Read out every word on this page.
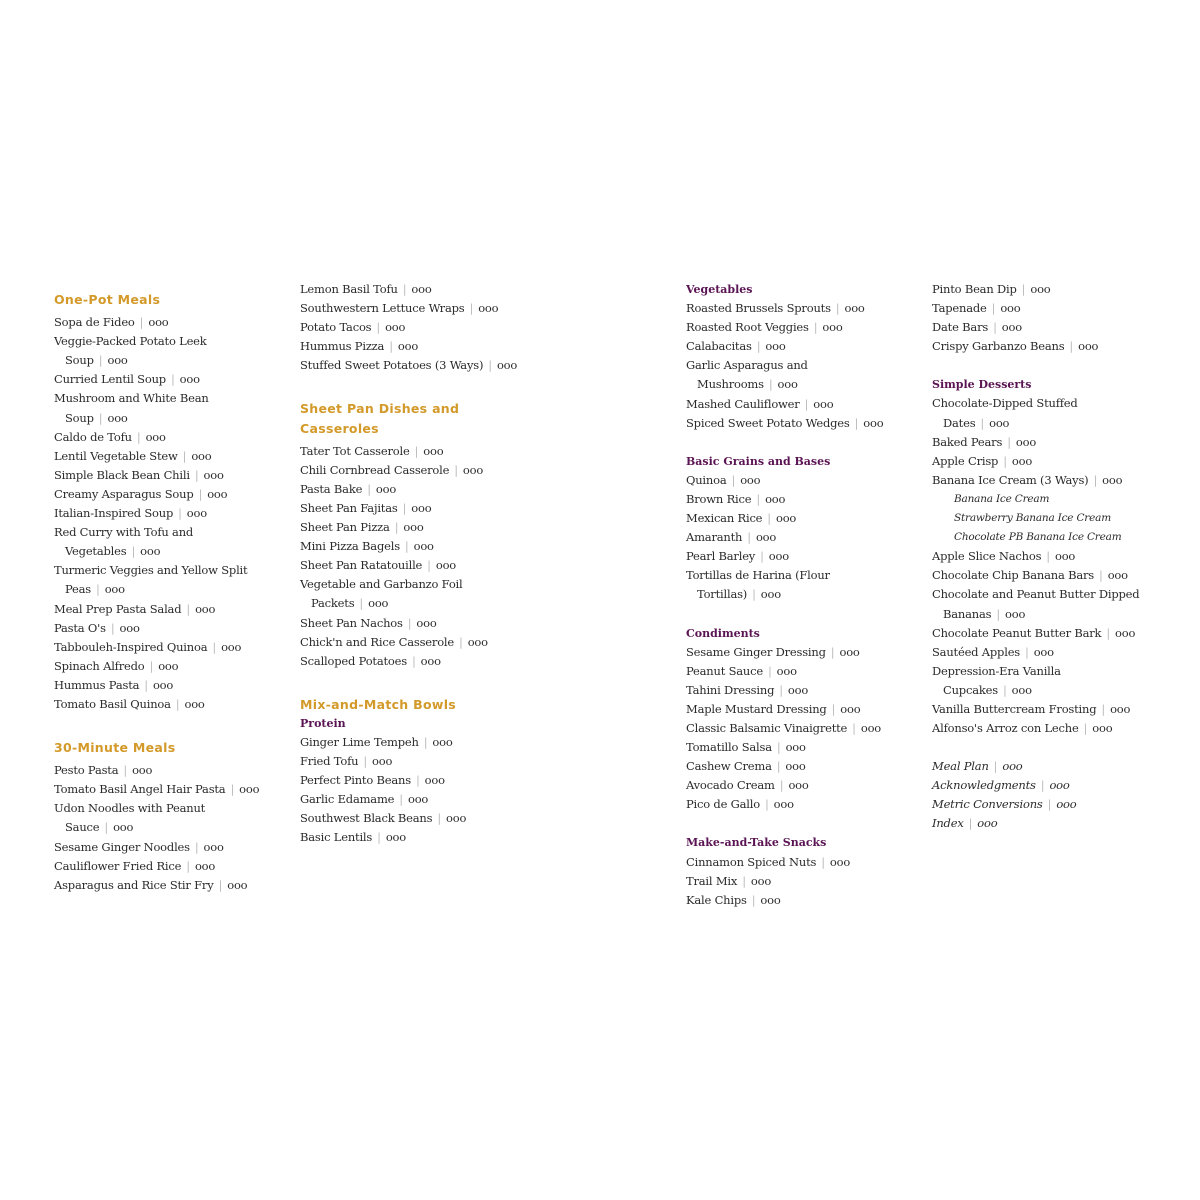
One-Pot Meals
Sopa de Fideo | ooo
Veggie-Packed Potato Leek
Soup | ooo
Curried Lentil Soup | ooo
Mushroom and White Bean
Soup | ooo
Caldo de Tofu | ooo
Lentil Vegetable Stew | ooo
Simple Black Bean Chili | ooo
Creamy Asparagus Soup | ooo
Italian-Inspired Soup | ooo
Red Curry with Tofu and
Vegetables | ooo
Turmeric Veggies and Yellow Split
Peas | ooo
Meal Prep Pasta Salad | ooo
Pasta O's | ooo
Tabbouleh-Inspired Quinoa | ooo
Spinach Alfredo | ooo
Hummus Pasta | ooo
Tomato Basil Quinoa | ooo
30-Minute Meals
Pesto Pasta | ooo
Tomato Basil Angel Hair Pasta | ooo
Udon Noodles with Peanut
Sauce | ooo
Sesame Ginger Noodles | ooo
Cauliflower Fried Rice | ooo
Asparagus and Rice Stir Fry | ooo
Lemon Basil Tofu | ooo
Southwestern Lettuce Wraps | ooo
Potato Tacos | ooo
Hummus Pizza | ooo
Stuffed Sweet Potatoes (3 Ways) | ooo
Sheet Pan Dishes and
Casseroles
Tater Tot Casserole | ooo
Chili Cornbread Casserole | ooo
Pasta Bake | ooo
Sheet Pan Fajitas | ooo
Sheet Pan Pizza | ooo
Mini Pizza Bagels | ooo
Sheet Pan Ratatouille | ooo
Vegetable and Garbanzo Foil
Packets | ooo
Sheet Pan Nachos | ooo
Chick'n and Rice Casserole | ooo
Scalloped Potatoes | ooo
Mix-and-Match Bowls
Protein
Ginger Lime Tempeh | ooo
Fried Tofu | ooo
Perfect Pinto Beans | ooo
Garlic Edamame | ooo
Southwest Black Beans | ooo
Basic Lentils | ooo
Vegetables
Roasted Brussels Sprouts | ooo
Roasted Root Veggies | ooo
Calabacitas | ooo
Garlic Asparagus and
Mushrooms | ooo
Mashed Cauliflower | ooo
Spiced Sweet Potato Wedges | ooo
Basic Grains and Bases
Quinoa | ooo
Brown Rice | ooo
Mexican Rice | ooo
Amaranth | ooo
Pearl Barley | ooo
Tortillas de Harina (Flour
Tortillas) | ooo
Condiments
Sesame Ginger Dressing | ooo
Peanut Sauce | ooo
Tahini Dressing | ooo
Maple Mustard Dressing | ooo
Classic Balsamic Vinaigrette | ooo
Tomatillo Salsa | ooo
Cashew Crema | ooo
Avocado Cream | ooo
Pico de Gallo | ooo
Make-and-Take Snacks
Cinnamon Spiced Nuts | ooo
Trail Mix | ooo
Kale Chips | ooo
Pinto Bean Dip | ooo
Tapenade | ooo
Date Bars | ooo
Crispy Garbanzo Beans | ooo
Simple Desserts
Chocolate-Dipped Stuffed
Dates | ooo
Baked Pears | ooo
Apple Crisp | ooo
Banana Ice Cream (3 Ways) | ooo
Banana Ice Cream
Strawberry Banana Ice Cream
Chocolate PB Banana Ice Cream
Apple Slice Nachos | ooo
Chocolate Chip Banana Bars | ooo
Chocolate and Peanut Butter Dipped
Bananas | ooo
Chocolate Peanut Butter Bark | ooo
Sautéed Apples | ooo
Depression-Era Vanilla
Cupcakes | ooo
Vanilla Buttercream Frosting | ooo
Alfonso's Arroz con Leche | ooo
Meal Plan | ooo
Acknowledgments | ooo
Metric Conversions | ooo
Index | ooo
